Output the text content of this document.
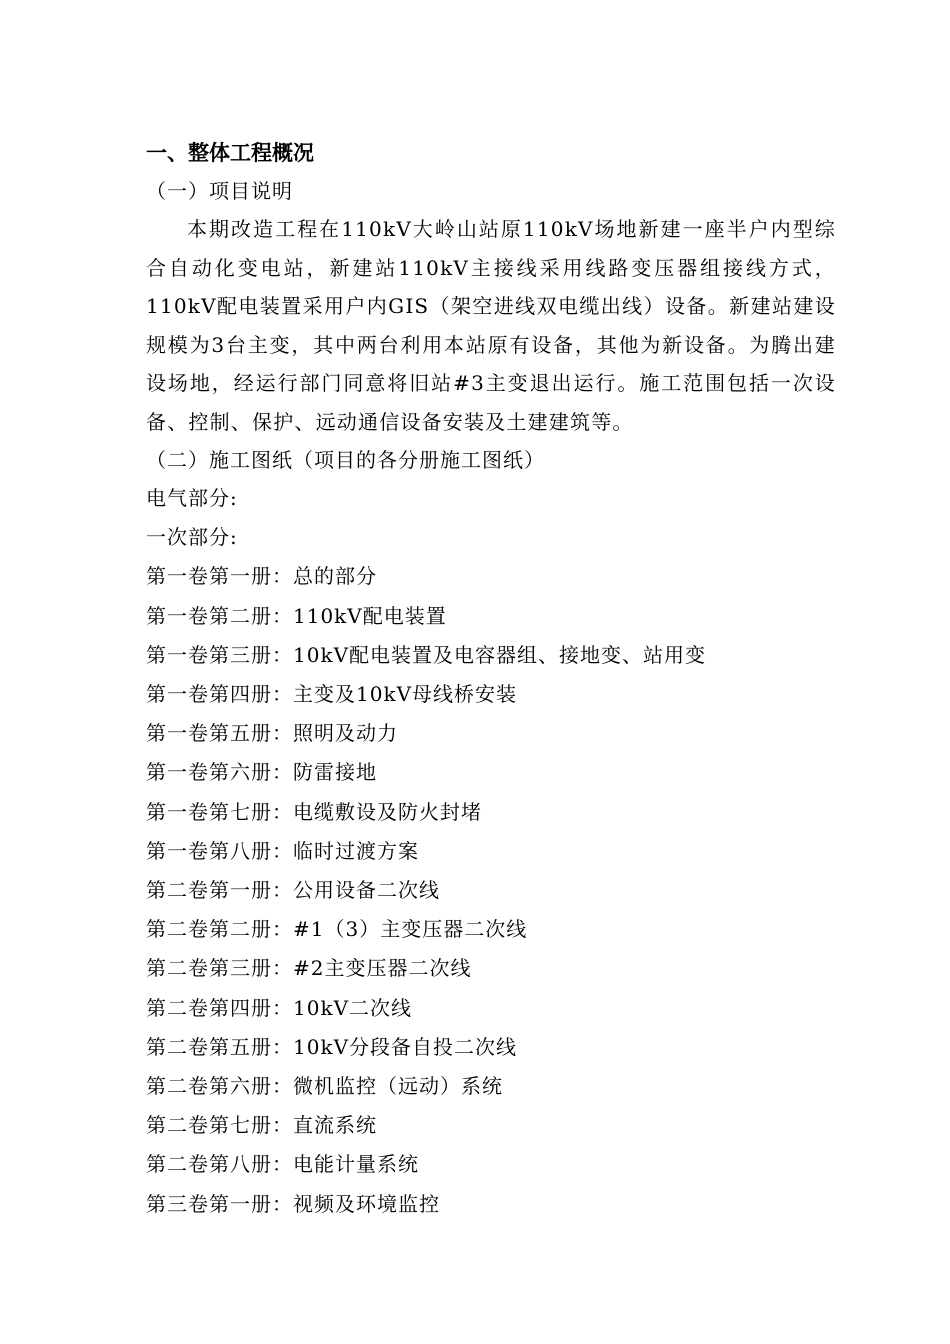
一、整体工程概况

（一）项目说明

本期改造工程在110kV大岭山站原110kV场地新建一座半户内型综合自动化变电站，新建站110kV主接线采用线路变压器组接线方式，110kV配电装置采用户内GIS（架空进线双电缆出线）设备。新建站建设规模为3台主变，其中两台利用本站原有设备，其他为新设备。为腾出建设场地，经运行部门同意将旧站#3主变退出运行。施工范围包括一次设备、控制、保护、远动通信设备安装及土建建筑等。

（二）施工图纸（项目的各分册施工图纸）

电气部分:

一次部分:

第一卷第一册：总的部分

第一卷第二册：110kV配电装置

第一卷第三册：10kV配电装置及电容器组、接地变、站用变

第一卷第四册：主变及10kV母线桥安装

第一卷第五册：照明及动力

第一卷第六册：防雷接地

第一卷第七册：电缆敷设及防火封堵

第一卷第八册：临时过渡方案

第二卷第一册：公用设备二次线

第二卷第二册：#1（3）主变压器二次线

第二卷第三册：#2主变压器二次线

第二卷第四册：10kV二次线

第二卷第五册：10kV分段备自投二次线

第二卷第六册：微机监控（远动）系统

第二卷第七册：直流系统

第二卷第八册：电能计量系统

第三卷第一册：视频及环境监控
